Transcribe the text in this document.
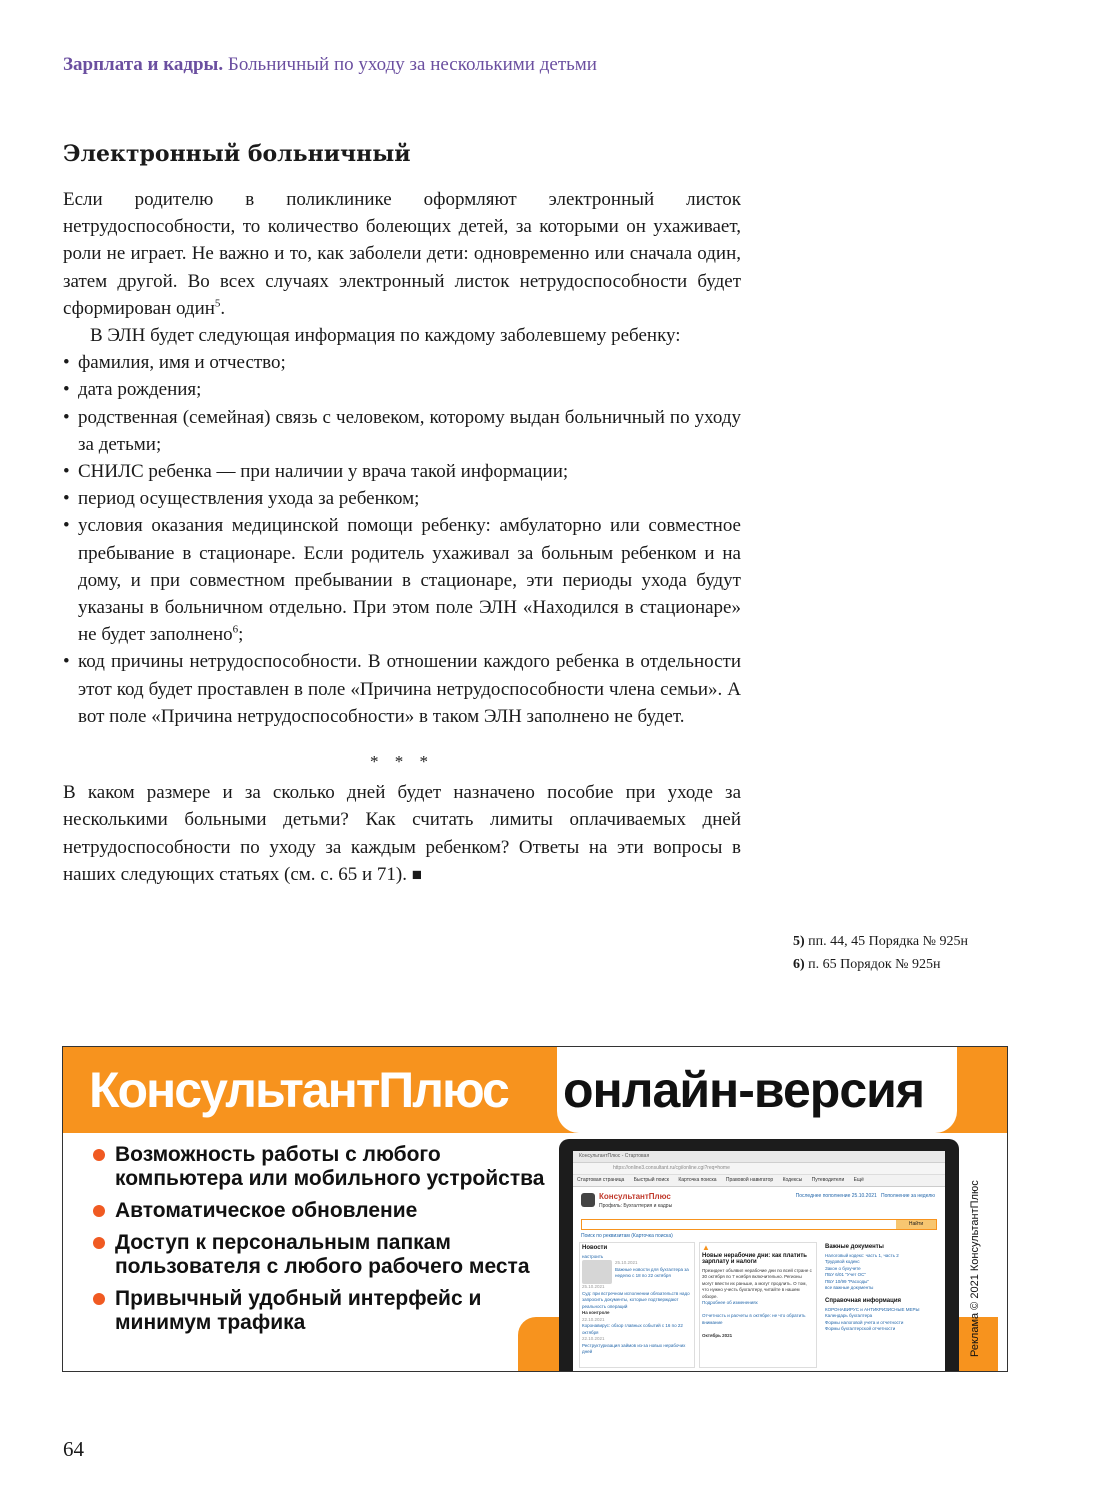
Зарплата и кадры. Больничный по уходу за несколькими детьми
Электронный больничный

Если родителю в поликлинике оформляют электронный листок нетрудоспособности, то количество болеющих детей, за которыми он ухаживает, роли не играет. Не важно и то, как заболели дети: одновременно или сначала один, затем другой. Во всех случаях электронный листок нетрудоспособности будет сформирован один$^5$.

В ЭЛН будет следующая информация по каждому заболевшему ребенку:

• фамилия, имя и отчество;
• дата рождения;
• родственная (семейная) связь с человеком, которому выдан больничный по уходу за детьми;
• СНИЛС ребенка — при наличии у врача такой информации;
• период осуществления ухода за ребенком;
• условия оказания медицинской помощи ребенку: амбулаторно или совместное пребывание в стационаре. Если родитель ухаживал за больным ребенком и на дому, и при совместном пребывании в стационаре, эти периоды ухода будут указаны в больничном отдельно. При этом поле ЭЛН «Находился в стационаре» не будет заполнено$^6$;
• код причины нетрудоспособности. В отношении каждого ребенка в отдельности этот код будет проставлен в поле «Причина нетрудоспособности члена семьи». А вот поле «Причина нетрудоспособности» в таком ЭЛН заполнено не будет.
* * *

В каком размере и за сколько дней будет назначено пособие при уходе за несколькими больными детьми? Как считать лимиты оплачиваемых дней нетрудоспособности по уходу за каждым ребенком? Ответы на эти вопросы в наших следующих статьях (см. с. 65 и 71). ■

5) пп. 44, 45 Порядка № 925н
6) п. 65 Порядок № 925н
КонсультантПлюс онлайн-версия
Возможность работы с любого компьютера или мобильного устройства
Автоматическое обновление
Доступ к персональным папкам пользователя с любого рабочего места
Привычный удобный интерфейс и минимум трафика
КонсультантПлюс - Стартовая
https://online3.consultant.ru/cgi/online.cgi?req=home
Стартовая страница Быстрый поиск Карточка поиска Правовой навигатор Кодексы Путеводители Ещё
КонсультантПлюс
Профиль: Бухгалтерия и кадры
Последнее пополнение 25.10.2021 Пополнение за неделю
Найти
Поиск по реквизитам (Карточка поиска)
Новости
настроить
25.10.2021
Важные новости для бухгалтера за неделю с 18 по 22 октября
25.10.2021
Суд: при встречном исполнении обязательств надо запросить документы, которые подтверждают реальность операций
На контроле
22.10.2021
Коронавирус: обзор главных событий с 16 по 22 октября
22.10.2021
Реструктуризация займов из-за новых нерабочих дней
▲
Новые нерабочие дни: как платить зарплату и налоги
Президент объявил нерабочие дни по всей стране с 30 октября по 7 ноября включительно. Регионы могут ввести их раньше, а могут продлить. О том, что нужно учесть бухгалтеру, читайте в нашем обзоре.
Подробнее об изменениях

Отчетность и расчеты в октябре: не что обратить внимание

Октябрь 2021
Важные документы
Налоговый кодекс: часть 1, часть 2
Трудовой кодекс
Закон о бухучете
ПБУ 6/01 "Учет ОС"
ПБУ 10/99 "Расходы"
все важные документы

Справочная информация
КОРОНАВИРУС и АНТИКРИЗИСНЫЕ МЕРЫ
Календарь бухгалтера
Формы налоговой учета и отчетности
Формы бухгалтерской отчетности	Реклама © 2021 КонсультантПлюс
64
